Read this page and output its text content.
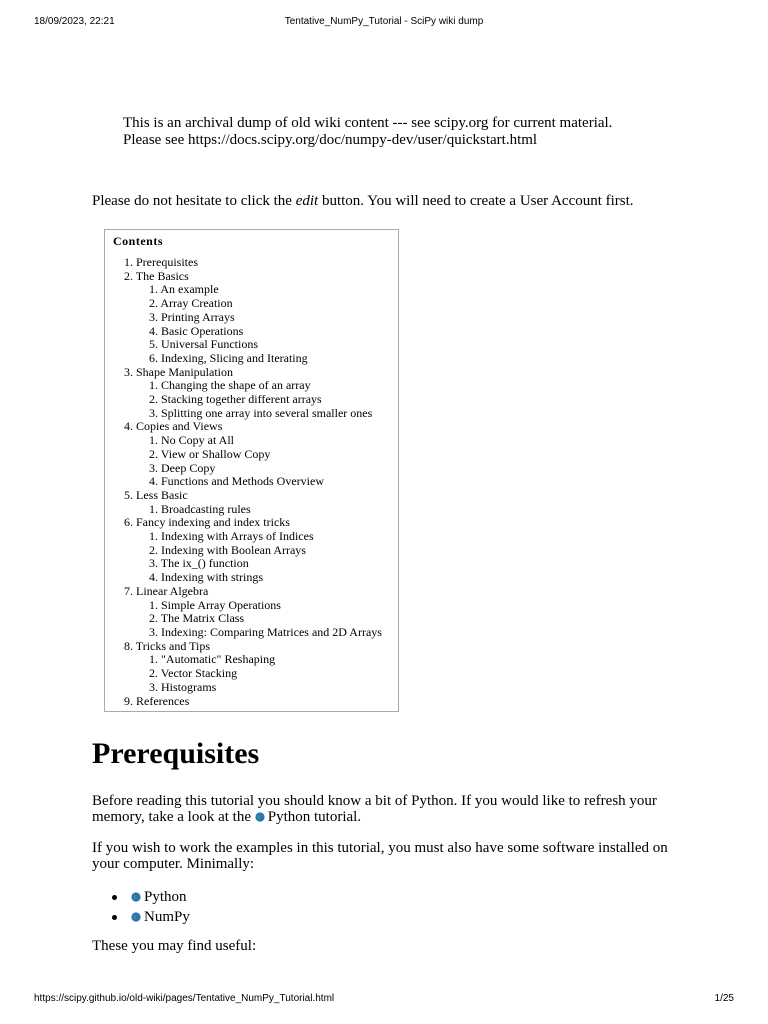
18/09/2023, 22:21	Tentative_NumPy_Tutorial - SciPy wiki dump
This is an archival dump of old wiki content --- see scipy.org for current material.
Please see https://docs.scipy.org/doc/numpy-dev/user/quickstart.html
Please do not hesitate to click the edit button. You will need to create a User Account first.
Contents
1. Prerequisites
2. The Basics
1. An example
2. Array Creation
3. Printing Arrays
4. Basic Operations
5. Universal Functions
6. Indexing, Slicing and Iterating
3. Shape Manipulation
1. Changing the shape of an array
2. Stacking together different arrays
3. Splitting one array into several smaller ones
4. Copies and Views
1. No Copy at All
2. View or Shallow Copy
3. Deep Copy
4. Functions and Methods Overview
5. Less Basic
1. Broadcasting rules
6. Fancy indexing and index tricks
1. Indexing with Arrays of Indices
2. Indexing with Boolean Arrays
3. The ix_() function
4. Indexing with strings
7. Linear Algebra
1. Simple Array Operations
2. The Matrix Class
3. Indexing: Comparing Matrices and 2D Arrays
8. Tricks and Tips
1. "Automatic" Reshaping
2. Vector Stacking
3. Histograms
9. References
Prerequisites
Before reading this tutorial you should know a bit of Python. If you would like to refresh your memory, take a look at the Python tutorial.
If you wish to work the examples in this tutorial, you must also have some software installed on your computer. Minimally:
Python
NumPy
These you may find useful:
https://scipy.github.io/old-wiki/pages/Tentative_NumPy_Tutorial.html	1/25
